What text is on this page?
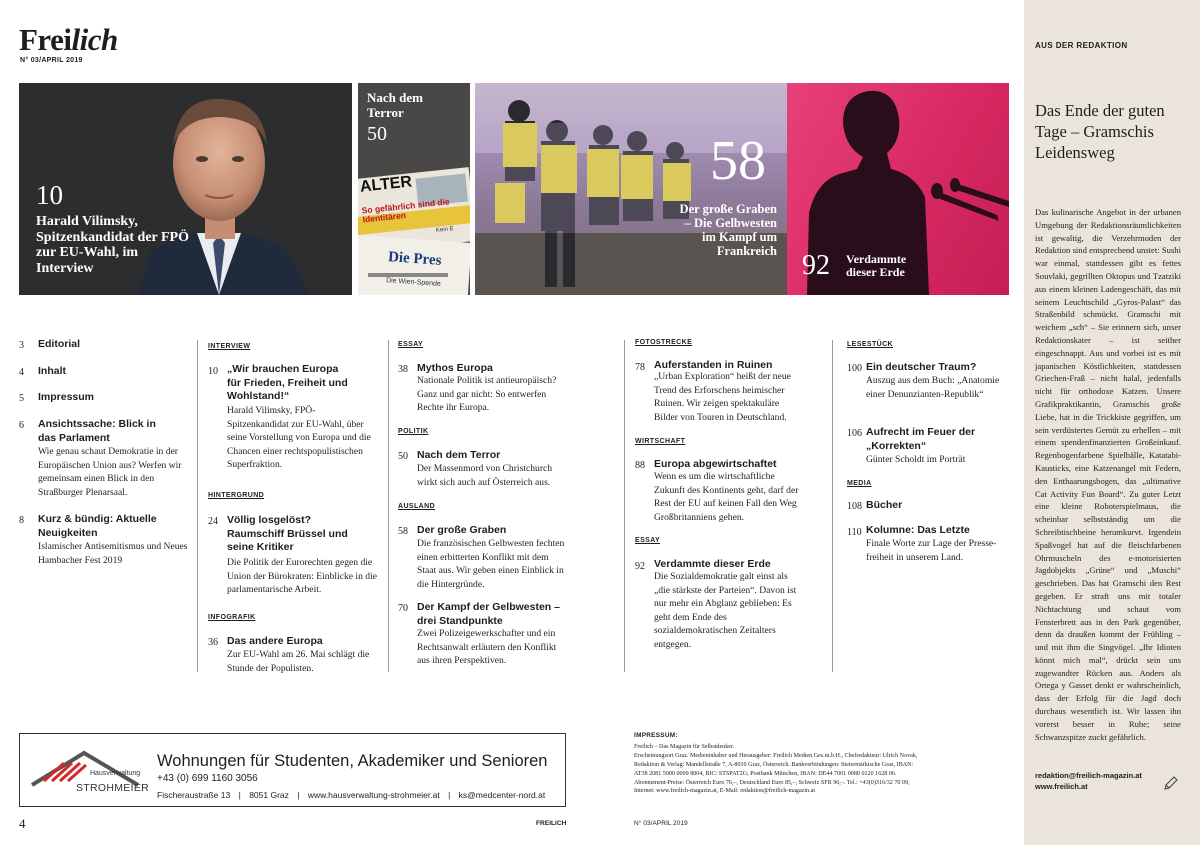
Freilich
N° 03/APRIL 2019
10
Harald Vilimsky, Spitzenkandidat der FPÖ zur EU-Wahl, im Interview
ALTER
So gefährlich sind die Identitären
Kein E
Die Pres
Die Wien-Spende
Nach dem Terror
50	58
Der große Graben – Die Gelbwesten im Kampf um Frankreich 92 Verdammte dieser Erde
3 Editorial
4 Inhalt
5 Impressum
6 Ansichtssache: Blick in das Parlament
Wie genau schaut Demokratie in der Europäischen Union aus? Werfen wir gemeinsam einen Blick in den Straßburger Plenarsaal.
8 Kurz & bündig: Aktuelle Neuigkeiten
Islamischer Antisemitismus und Neues Hambacher Fest 2019
INTERVIEW
10 „Wir brauchen Europa für Frieden, Freiheit und Wohlstand!“
Harald Vilimsky, FPÖ-Spitzenkandidat zur EU-Wahl, über seine Vorstellung von Europa und die Chancen einer rechtspopulistischen Superfraktion.
HINTERGRUND
24 Völlig losgelöst? Raumschiff Brüssel und seine Kritiker
Die Politik der Eurorechten gegen die Union der Bürokraten: Einblicke in die parlamentarische Arbeit.
INFOGRAFIK
36 Das andere Europa
Zur EU-Wahl am 26. Mai schlägt die Stunde der Populisten.
ESSAY
38 Mythos Europa
Nationale Politik ist antieuropäisch? Ganz und gar nicht: So entwerfen Rechte ihr Europa.
POLITIK
50 Nach dem Terror
Der Massenmord von Christchurch wirkt sich auch auf Österreich aus.
AUSLAND
58 Der große Graben
Die französischen Gelbwesten fechten einen erbitterten Konflikt mit dem Staat aus. Wir geben einen Einblick in die Hintergründe.
70 Der Kampf der Gelbwesten – drei Standpunkte
Zwei Polizeigewerkschafter und ein Rechtsanwalt erläutern den Konflikt aus ihren Perspektiven.
FOTOSTRECKE
78 Auferstanden in Ruinen
„Urban Exploration“ heißt der neue Trend des Erforschens heimischer Ruinen. Wir zeigen spektakuläre Bilder von Touren in Deutschland.
WIRTSCHAFT
88 Europa abgewirtschaftet
Wenn es um die wirtschaftliche Zukunft des Kontinents geht, darf der Rest der EU auf keinen Fall den Weg Großbritanniens gehen.
ESSAY
92 Verdammte dieser Erde
Die Sozialdemokratie galt einst als „die stärkste der Parteien“. Davon ist nur mehr ein Abglanz geblieben: Es geht dem Ende des sozialdemokratischen Zeitalters entgegen.
LESESTÜCK
100 Ein deutscher Traum?
Auszug aus dem Buch: „Anatomie einer Denunzianten-Republik“
106 Aufrecht im Feuer der „Korrekten“
Günter Scholdt im Porträt
MEDIA
108 Bücher
110 Kolumne: Das Letzte
Finale Worte zur Lage der Presse-freiheit in unserem Land.
Hausverwaltung
STROHMEIER
Wohnungen für Studenten, Akademiker und Senioren
+43 (0) 699 1160 3056
Fischeraustraße 13 | 8051 Graz | www.hausverwaltung-strohmeier.at | ks@medcenter-nord.at
IMPRESSUM:
Freilich – Das Magazin für Selbstdenker.
Erscheinungsort Graz. Medieninhaber und Herausgeber: Freilich Medien Ges.m.b.H., Chefredakteur: Ulrich Novak,
Redaktion & Verlag: Mandellstraße 7, A-8010 Graz, Österreich. Bankverbindungen: Steiermärkische Graz, IBAN:
AT38 2081 5000 0009 8004, BIC: STSPAT2G; Postbank München, IBAN: DE44 7001 0080 0120 1628 06.
Abonnement-Preise: Österreich Euro 76,–, Deutschland Euro 85,–, Schweiz SFR 96,–. Tel.: +43(0)316/32 70 09,
Internet: www.freilich-magazin.at, E-Mail: redaktion@freilich-magazin.at
4	FREILICH	N° 03/APRIL 2019
AUS DER REDAKTION
Das Ende der guten Tage – Gramschis Leidensweg
Das kulinarische Angebot in der urbanen Umgebung der Redaktionsräumlichkeiten ist gewaltig, die Verzehrmoden der Redaktion sind entsprechend unstet: Sushi war einmal, stattdessen gibt es fettes Souvlaki, gegrillten Oktopus und Tzatziki aus einem kleinen Ladengeschäft, das mit seinem Leuchtschild „Gyros-Palast“ das Straßenbild schmückt. Gramschi mit weichem „sch“ – Sie erinnern sich, unser Redaktionskater – ist seither eingeschnappt. Aus und vorbei ist es mit japanischen Köstlichkeiten, stattdessen Griechen-Fraß – nicht halal, jedenfalls nicht für orthodoxe Katzen. Unsere Grafikpraktikantin, Gramschis große Liebe, hat in die Trickkiste gegriffen, um sein verdüstertes Gemüt zu erhellen – mit einem spendenfinanzierten Großeinkauf. Regenbogenfarbene Spielbälle, Katatabi-Kausticks, eine Katzenangel mit Federn, den Enthaarungsbogen, das „ultimative Cat Activity Fun Board“. Zu guter Letzt eine kleine Roboterspielmaus, die scheinbar selbstständig um die Schreibtischbeine herumkurvt. Irgendein Spaßvogel hat auf die fleischfarbenen Ohrmuscheln des e-motorisierten Jagdobjekts „Grüne“ und „Muschi“ geschrieben. Das hat Gramschi den Rest gegeben. Er straft uns mit totaler Nichtachtung und schaut vom Fensterbrett aus in den Park gegenüber, denn da draußen kommt der Frühling – und mit ihm die Singvögel. „Ihr Idioten könnt mich mal“, drückt sein uns zugewandter Rücken aus. Anders als Ortega y Gasset denkt er wahrscheinlich, dass der Erfolg für die Jagd doch durchaus wesentlich ist. Wir lassen ihn vorerst besser in Ruhe; seine Schwanzspitze zuckt gefährlich.
redaktion@freilich-magazin.at
www.freilich.at
